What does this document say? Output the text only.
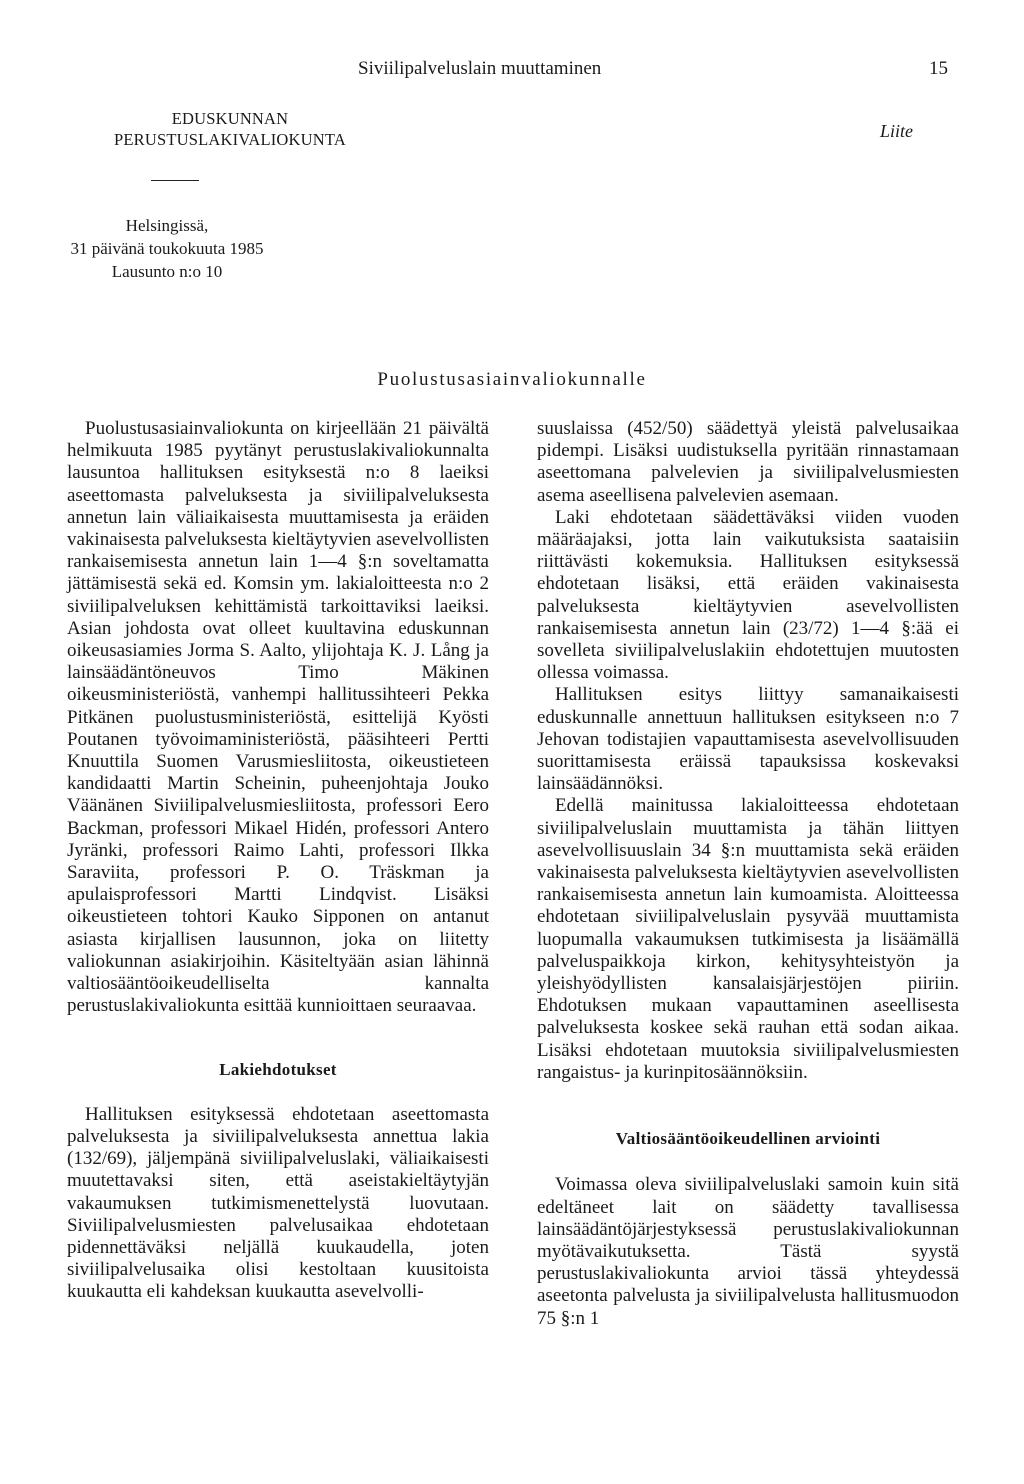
Siviilipalveluslain muuttaminen	15
EDUSKUNNAN
PERUSTUSLAKIVALIOKUNTA	Liite
Helsingissä,
31 päivänä toukokuuta 1985
Lausunto n:o 10
Puolustusasiainvaliokunnalle

Puolustusasiainvaliokunta on kirjeellään 21 päivältä helmikuuta 1985 pyytänyt perustuslakivaliokunnalta lausuntoa hallituksen esityksestä n:o 8 laeiksi aseettomasta palveluksesta ja siviilipalveluksesta annetun lain väliaikaisesta muuttamisesta ja eräiden vakinaisesta palveluksesta kieltäytyvien asevelvollisten rankaisemisesta annetun lain 1—4 §:n soveltamatta jättämisestä sekä ed. Komsin ym. lakialoitteesta n:o 2 siviilipalveluksen kehittämistä tarkoittaviksi laeiksi. Asian johdosta ovat olleet kuultavina eduskunnan oikeusasiamies Jorma S. Aalto, ylijohtaja K. J. Lång ja lainsäädäntöneuvos Timo Mäkinen oikeusministeriöstä, vanhempi hallitussihteeri Pekka Pitkänen puolustusministeriöstä, esittelijä Kyösti Poutanen työvoimaministeriöstä, pääsihteeri Pertti Knuuttila Suomen Varusmiesliitosta, oikeustieteen kandidaatti Martin Scheinin, puheenjohtaja Jouko Väänänen Siviilipalvelusmiesliitosta, professori Eero Backman, professori Mikael Hidén, professori Antero Jyränki, professori Raimo Lahti, professori Ilkka Saraviita, professori P. O. Träskman ja apulaisprofessori Martti Lindqvist. Lisäksi oikeustieteen tohtori Kauko Sipponen on antanut asiasta kirjallisen lausunnon, joka on liitetty valiokunnan asiakirjoihin. Käsiteltyään asian lähinnä valtiosääntöoikeudelliselta kannalta perustuslakivaliokunta esittää kunnioittaen seuraavaa.

Lakiehdotukset

Hallituksen esityksessä ehdotetaan aseettomasta palveluksesta ja siviilipalveluksesta annettua lakia (132/69), jäljempänä siviilipalveluslaki, väliaikaisesti muutettavaksi siten, että aseistakieltäytyjän vakaumuksen tutkimismenettelystä luovutaan. Siviilipalvelusmiesten palvelusaikaa ehdotetaan pidennettäväksi neljällä kuukaudella, joten siviilipalvelusaika olisi kestoltaan kuusitoista kuukautta eli kahdeksan kuukautta asevelvolli-

suuslaissa (452/50) säädettyä yleistä palvelusaikaa pidempi. Lisäksi uudistuksella pyritään rinnastamaan aseettomana palvelevien ja siviilipalvelusmiesten asema aseellisena palvelevien asemaan.

Laki ehdotetaan säädettäväksi viiden vuoden määräajaksi, jotta lain vaikutuksista saataisiin riittävästi kokemuksia. Hallituksen esityksessä ehdotetaan lisäksi, että eräiden vakinaisesta palveluksesta kieltäytyvien asevelvollisten rankaisemisesta annetun lain (23/72) 1—4 §:ää ei sovelleta siviilipalveluslakiin ehdotettujen muutosten ollessa voimassa.

Hallituksen esitys liittyy samanaikaisesti eduskunnalle annettuun hallituksen esitykseen n:o 7 Jehovan todistajien vapauttamisesta asevelvollisuuden suorittamisesta eräissä tapauksissa koskevaksi lainsäädännöksi.

Edellä mainitussa lakialoitteessa ehdotetaan siviilipalveluslain muuttamista ja tähän liittyen asevelvollisuuslain 34 §:n muuttamista sekä eräiden vakinaisesta palveluksesta kieltäytyvien asevelvollisten rankaisemisesta annetun lain kumoamista. Aloitteessa ehdotetaan siviilipalveluslain pysyvää muuttamista luopumalla vakaumuksen tutkimisesta ja lisäämällä palveluspaikkoja kirkon, kehitysyhteistyön ja yleishyödyllisten kansalaisjärjestöjen piiriin. Ehdotuksen mukaan vapauttaminen aseellisesta palveluksesta koskee sekä rauhan että sodan aikaa. Lisäksi ehdotetaan muutoksia siviilipalvelusmiesten rangaistus- ja kurinpitosäännöksiin.

Valtiosääntöoikeudellinen arviointi

Voimassa oleva siviilipalveluslaki samoin kuin sitä edeltäneet lait on säädetty tavallisessa lainsäädäntöjärjestyksessä perustuslakivaliokunnan myötävaikutuksetta. Tästä syystä perustuslakivaliokunta arvioi tässä yhteydessä aseetonta palvelusta ja siviilipalvelusta hallitusmuodon 75 §:n 1
